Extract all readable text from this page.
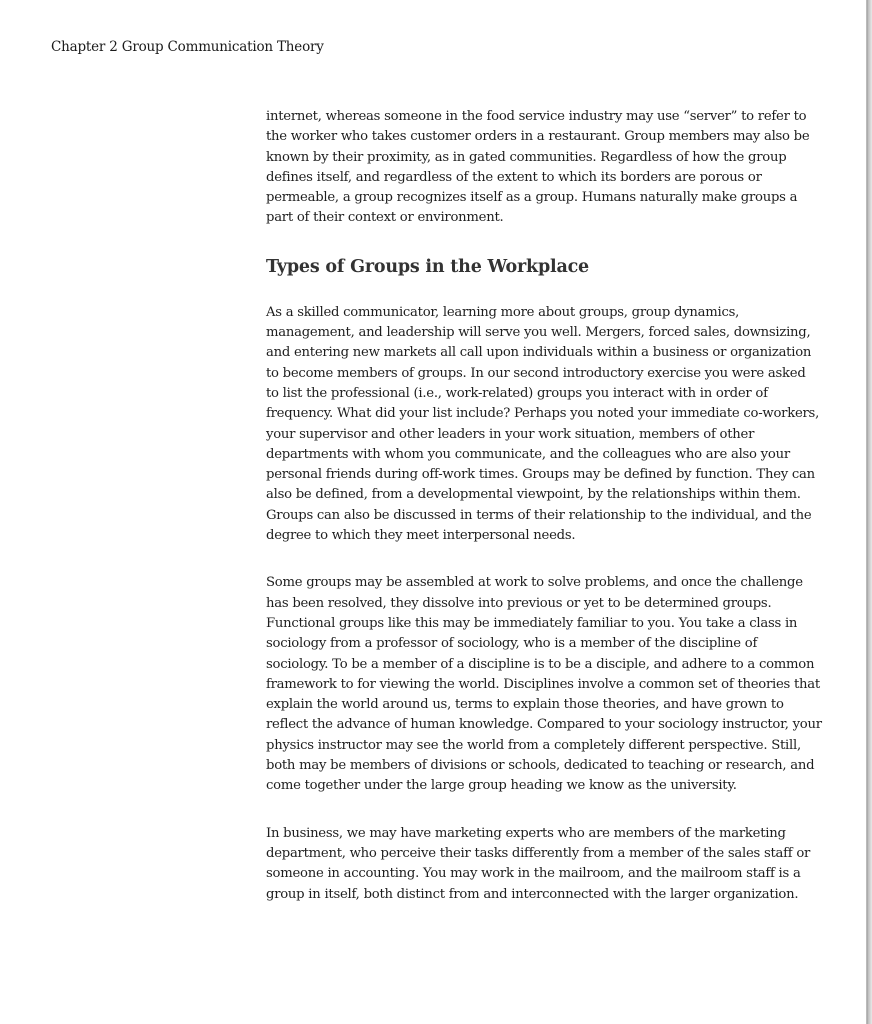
Chapter 2 Group Communication Theory

internet, whereas someone in the food service industry may use “server” to refer to the worker who takes customer orders in a restaurant. Group members may also be known by their proximity, as in gated communities. Regardless of how the group defines itself, and regardless of the extent to which its borders are porous or permeable, a group recognizes itself as a group. Humans naturally make groups a part of their context or environment.

Types of Groups in the Workplace

As a skilled communicator, learning more about groups, group dynamics, management, and leadership will serve you well. Mergers, forced sales, downsizing, and entering new markets all call upon individuals within a business or organization to become members of groups. In our second introductory exercise you were asked to list the professional (i.e., work-related) groups you interact with in order of frequency. What did your list include? Perhaps you noted your immediate co-workers, your supervisor and other leaders in your work situation, members of other departments with whom you communicate, and the colleagues who are also your personal friends during off-work times. Groups may be defined by function. They can also be defined, from a developmental viewpoint, by the relationships within them. Groups can also be discussed in terms of their relationship to the individual, and the degree to which they meet interpersonal needs.

Some groups may be assembled at work to solve problems, and once the challenge has been resolved, they dissolve into previous or yet to be determined groups. Functional groups like this may be immediately familiar to you. You take a class in sociology from a professor of sociology, who is a member of the discipline of sociology. To be a member of a discipline is to be a disciple, and adhere to a common framework to for viewing the world. Disciplines involve a common set of theories that explain the world around us, terms to explain those theories, and have grown to reflect the advance of human knowledge. Compared to your sociology instructor, your physics instructor may see the world from a completely different perspective. Still, both may be members of divisions or schools, dedicated to teaching or research, and come together under the large group heading we know as the university.

In business, we may have marketing experts who are members of the marketing department, who perceive their tasks differently from a member of the sales staff or someone in accounting. You may work in the mailroom, and the mailroom staff is a group in itself, both distinct from and interconnected with the larger organization.
